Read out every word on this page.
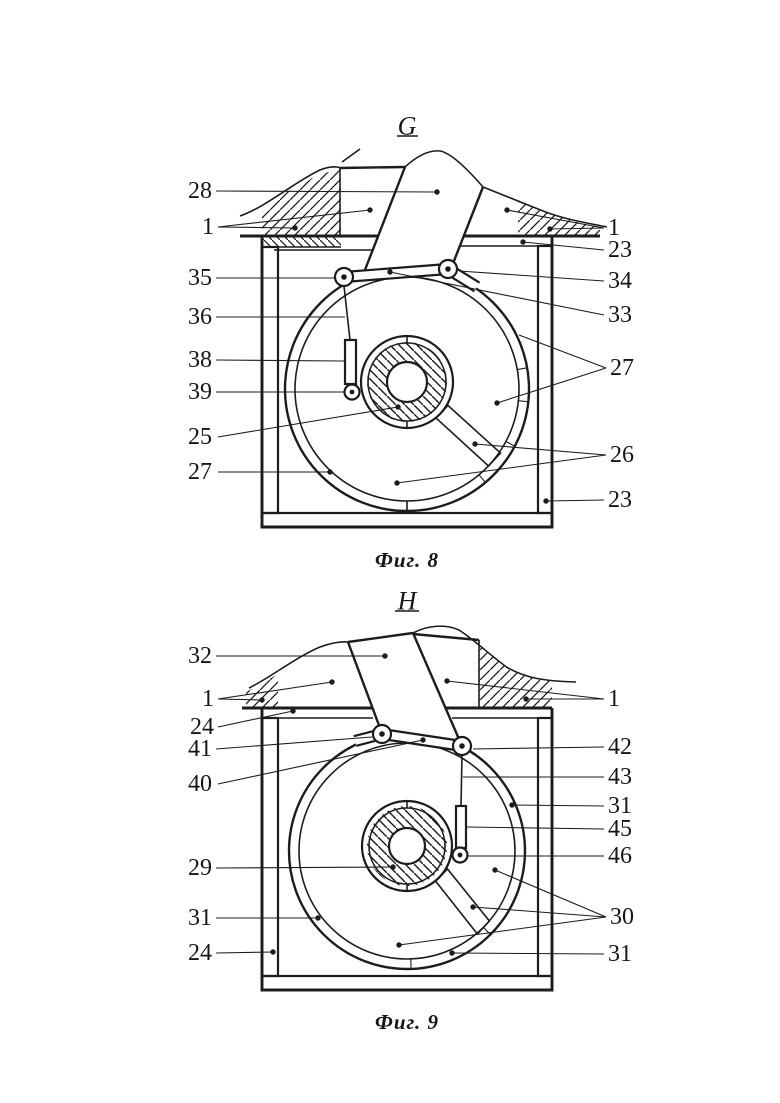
G
28
1
35
36
38
39
25
27
1
23
34
33
27
26
23
Фиг. 8
H
32
1
24
41
40
29
31
24
1
42
43
31
45
46
30
31
Фиг. 9
